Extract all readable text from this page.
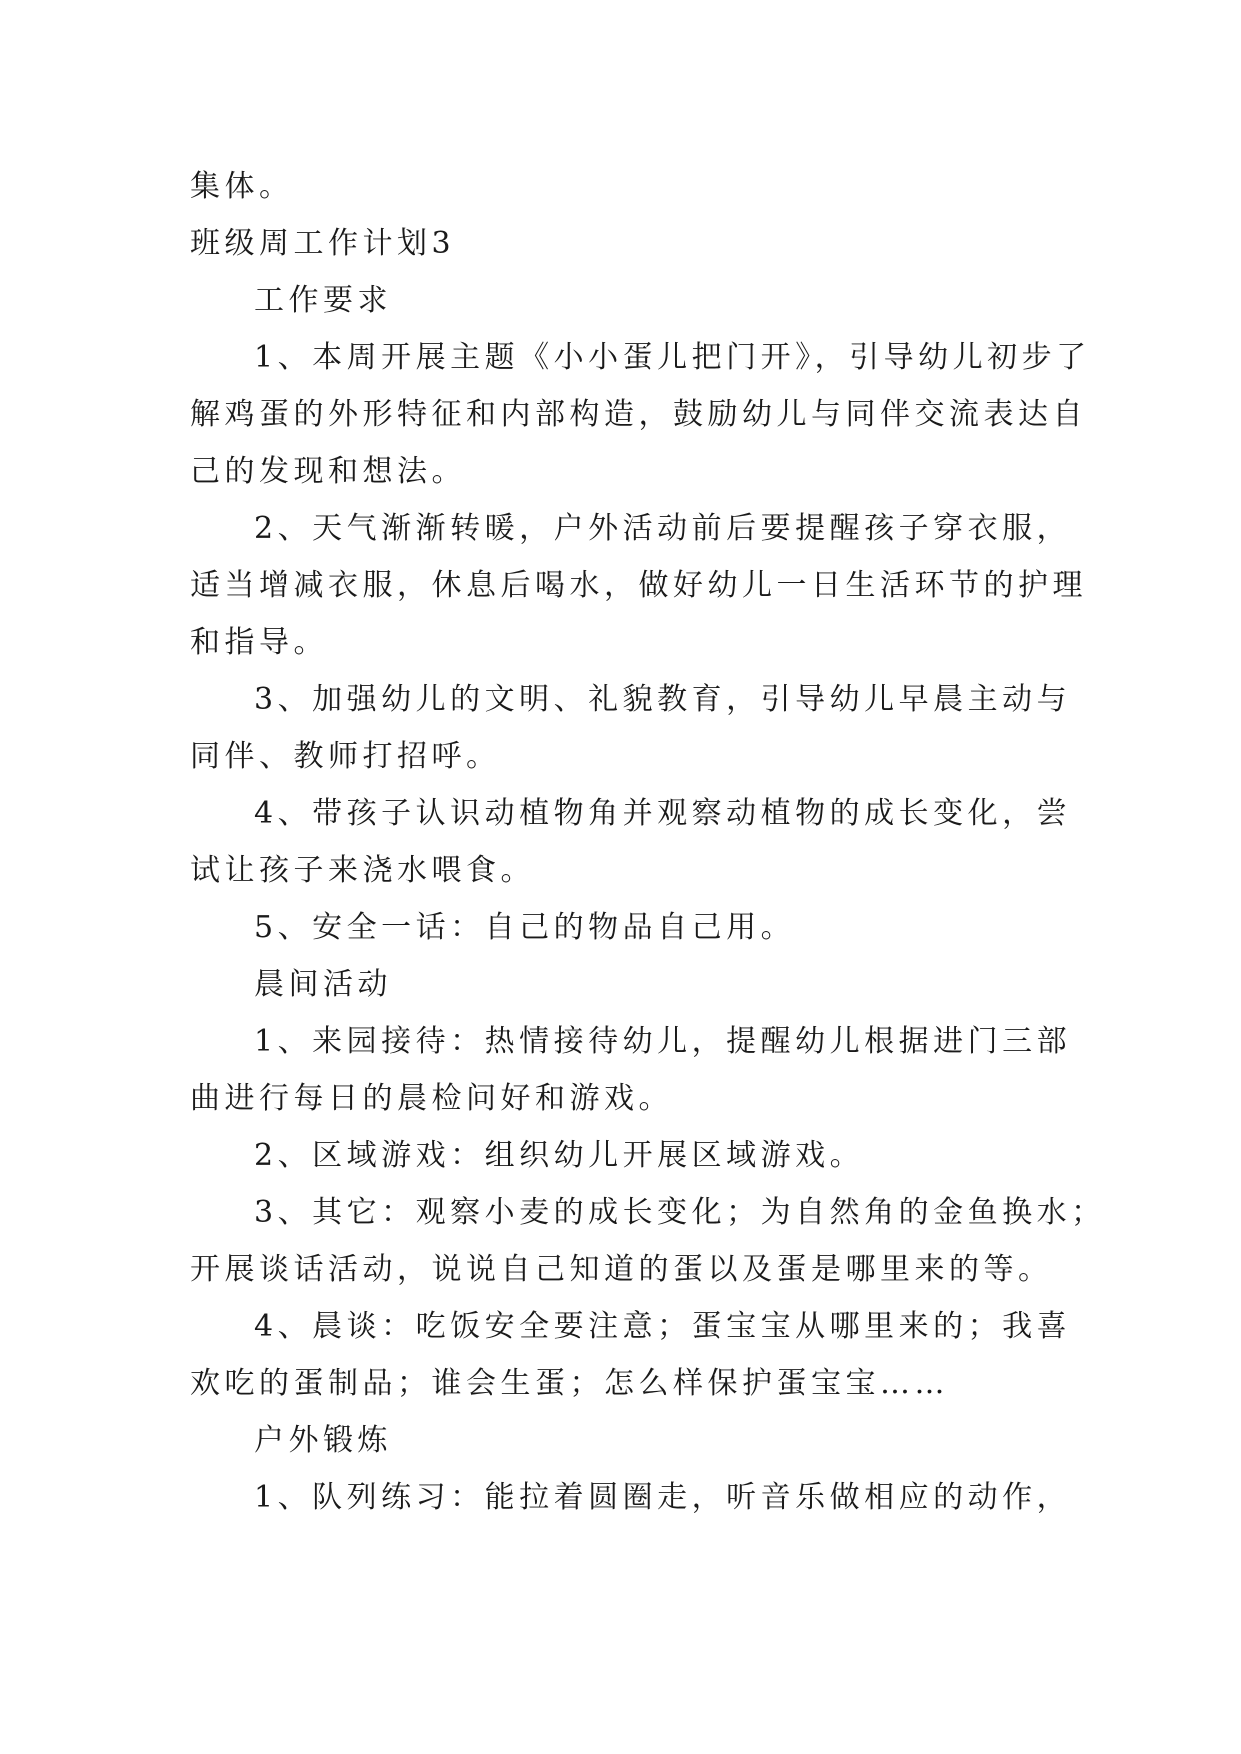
集体。
班级周工作计划3
工作要求
1、本周开展主题《小小蛋儿把门开》，引导幼儿初步了
解鸡蛋的外形特征和内部构造，鼓励幼儿与同伴交流表达自
己的发现和想法。
2、天气渐渐转暖，户外活动前后要提醒孩子穿衣服，
适当增减衣服，休息后喝水，做好幼儿一日生活环节的护理
和指导。
3、加强幼儿的文明、礼貌教育，引导幼儿早晨主动与
同伴、教师打招呼。
4、带孩子认识动植物角并观察动植物的成长变化，尝
试让孩子来浇水喂食。
5、安全一话：自己的物品自己用。
晨间活动
1、来园接待：热情接待幼儿，提醒幼儿根据进门三部
曲进行每日的晨检问好和游戏。
2、区域游戏：组织幼儿开展区域游戏。
3、其它：观察小麦的成长变化；为自然角的金鱼换水；
开展谈话活动，说说自己知道的蛋以及蛋是哪里来的等。
4、晨谈：吃饭安全要注意；蛋宝宝从哪里来的；我喜
欢吃的蛋制品；谁会生蛋；怎么样保护蛋宝宝……
户外锻炼
1、队列练习：能拉着圆圈走，听音乐做相应的动作，
